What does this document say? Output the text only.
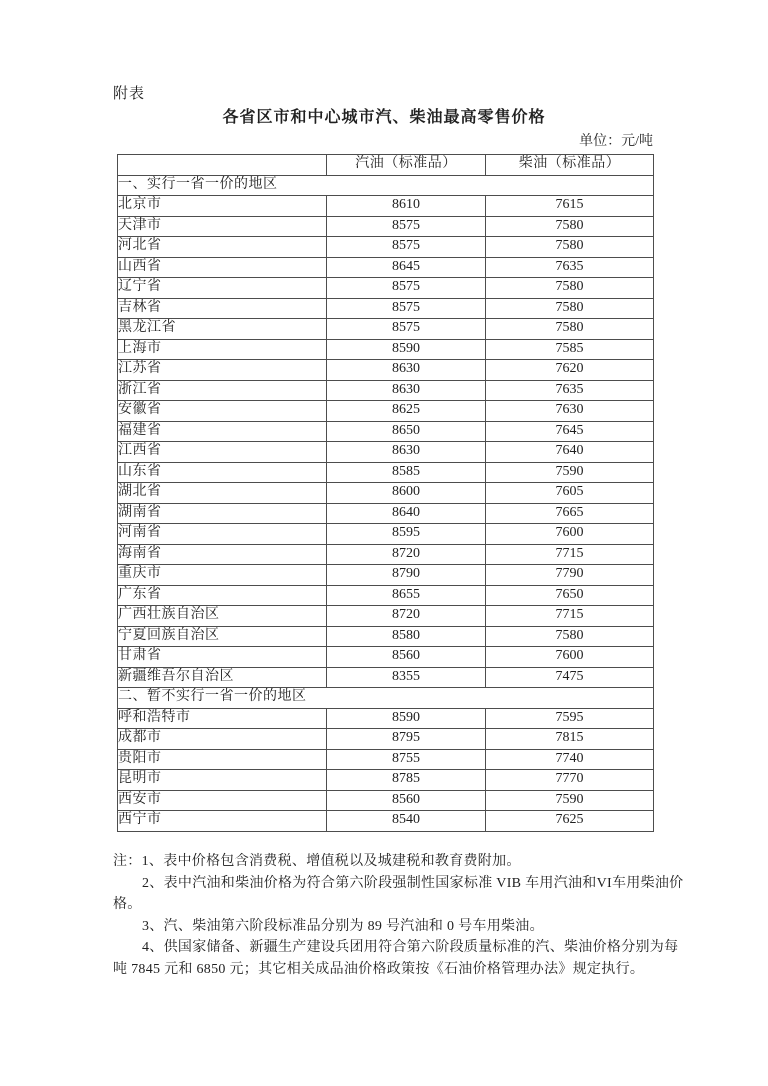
附表
各省区市和中心城市汽、柴油最高零售价格
单位：元/吨
	汽油（标准品）	柴油（标准品）
一、实行一省一价的地区		
北京市	8610	7615
天津市	8575	7580
河北省	8575	7580
山西省	8645	7635
辽宁省	8575	7580
吉林省	8575	7580
黑龙江省	8575	7580
上海市	8590	7585
江苏省	8630	7620
浙江省	8630	7635
安徽省	8625	7630
福建省	8650	7645
江西省	8630	7640
山东省	8585	7590
湖北省	8600	7605
湖南省	8640	7665
河南省	8595	7600
海南省	8720	7715
重庆市	8790	7790
广东省	8655	7650
广西壮族自治区	8720	7715
宁夏回族自治区	8580	7580
甘肃省	8560	7600
新疆维吾尔自治区	8355	7475
二、暂不实行一省一价的地区		
呼和浩特市	8590	7595
成都市	8795	7815
贵阳市	8755	7740
昆明市	8785	7770
西安市	8560	7590
西宁市	8540	7625
注：1、表中价格包含消费税、增值税以及城建税和教育费附加。
2、表中汽油和柴油价格为符合第六阶段强制性国家标准 VIB 车用汽油和VI车用柴油价
格。
3、汽、柴油第六阶段标准品分别为 89 号汽油和 0 号车用柴油。
4、供国家储备、新疆生产建设兵团用符合第六阶段质量标准的汽、柴油价格分别为每
吨 7845 元和 6850 元；其它相关成品油价格政策按《石油价格管理办法》规定执行。
